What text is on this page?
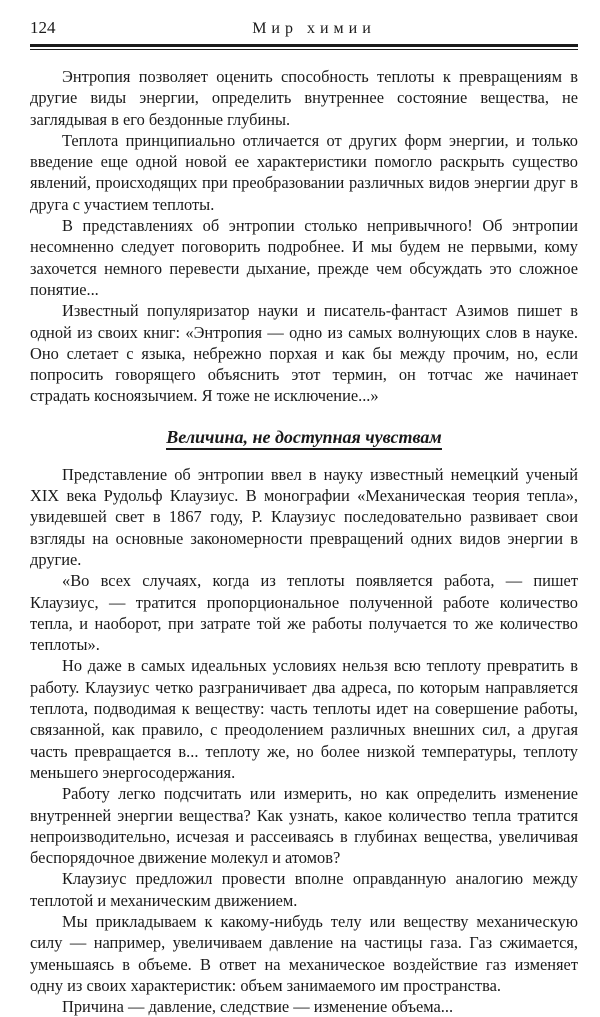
124	Мир химии

Энтропия позволяет оценить способность теплоты к превращениям в другие виды энергии, определить внутреннее состояние вещества, не заглядывая в его бездонные глубины.

Теплота принципиально отличается от других форм энергии, и только введение еще одной новой ее характеристики помогло раскрыть существо явлений, происходящих при преобразовании различных видов энергии друг в друга с участием теплоты.

В представлениях об энтропии столько непривычного! Об энтропии несомненно следует поговорить подробнее. И мы будем не первыми, кому захочется немного перевести дыхание, прежде чем обсуждать это сложное понятие...

Известный популяризатор науки и писатель-фантаст Азимов пишет в одной из своих книг: «Энтропия — одно из самых волнующих слов в науке. Оно слетает с языка, небрежно порхая и как бы между прочим, но, если попросить говорящего объяснить этот термин, он тотчас же начинает страдать косноязычием. Я тоже не исключение...»

Величина, не доступная чувствам

Представление об энтропии ввел в науку известный немецкий ученый XIX века Рудольф Клаузиус. В монографии «Механическая теория тепла», увидевшей свет в 1867 году, Р. Клаузиус последовательно развивает свои взгляды на основные закономерности превращений одних видов энергии в другие.

«Во всех случаях, когда из теплоты появляется работа, — пишет Клаузиус, — тратится пропорциональное полученной работе количество тепла, и наоборот, при затрате той же работы получается то же количество теплоты».

Но даже в самых идеальных условиях нельзя всю теплоту превратить в работу. Клаузиус четко разграничивает два адреса, по которым направляется теплота, подводимая к веществу: часть теплоты идет на совершение работы, связанной, как правило, с преодолением различных внешних сил, а другая часть превращается в... теплоту же, но более низкой температуры, теплоту меньшего энергосодержания.

Работу легко подсчитать или измерить, но как определить изменение внутренней энергии вещества? Как узнать, какое количество тепла тратится непроизводительно, исчезая и рассеиваясь в глубинах вещества, увеличивая беспорядочное движение молекул и атомов?

Клаузиус предложил провести вполне оправданную аналогию между теплотой и механическим движением.

Мы прикладываем к какому-нибудь телу или веществу механическую силу — например, увеличиваем давление на частицы газа. Газ сжимается, уменьшаясь в объеме. В ответ на механическое воздействие газ изменяет одну из своих характеристик: объем занимаемого им пространства.

Причина — давление, следствие — изменение объема...
